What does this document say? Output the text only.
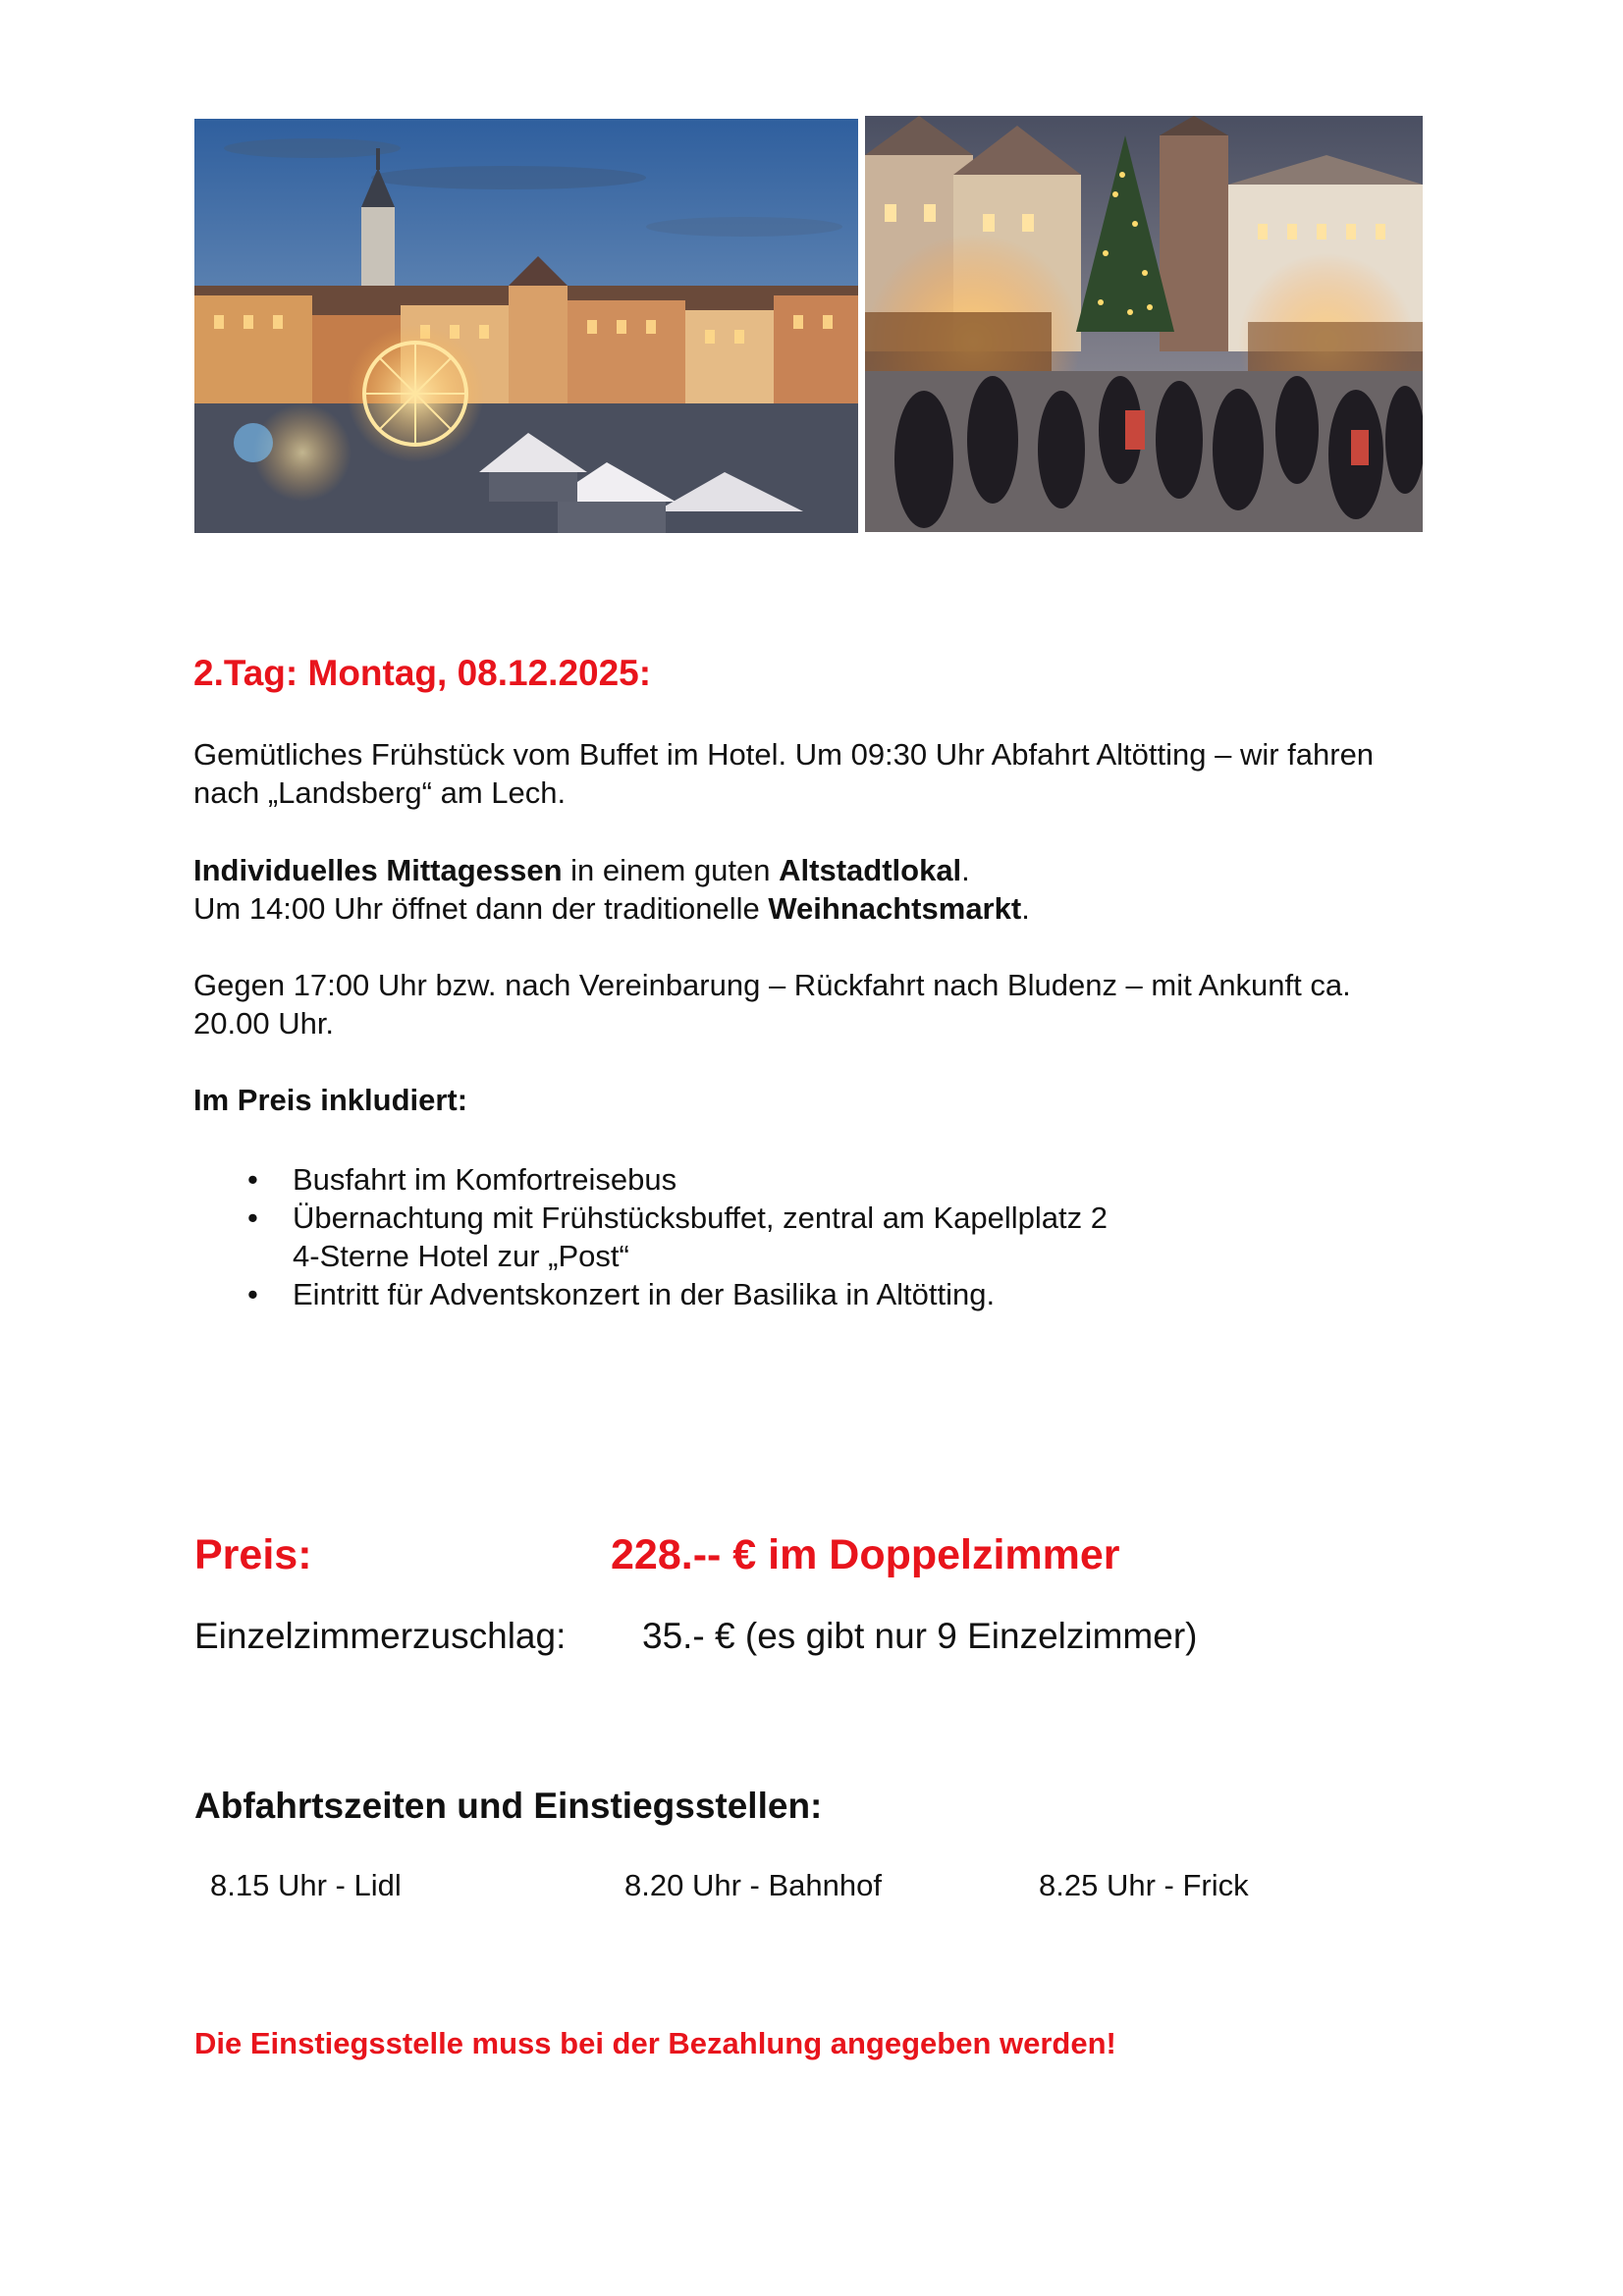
2.Tag: Montag, 08.12.2025:
Gemütliches Frühstück vom Buffet im Hotel. Um 09:30 Uhr Abfahrt Altötting – wir fahren nach „Landsberg“ am Lech.
Individuelles Mittagessen in einem guten Altstadtlokal.
Um 14:00 Uhr öffnet dann der traditionelle Weihnachtsmarkt.
Gegen 17:00 Uhr bzw. nach Vereinbarung – Rückfahrt nach Bludenz – mit Ankunft ca. 20.00 Uhr.
Im Preis inkludiert:
• Busfahrt im Komfortreisebus
• Übernachtung mit Frühstücksbuffet, zentral am Kapellplatz 2
4-Sterne Hotel zur „Post“
• Eintritt für Adventskonzert in der Basilika in Altötting.
Preis:	228.-- € im Doppelzimmer
Einzelzimmerzuschlag: 35.- € (es gibt nur 9 Einzelzimmer)
Abfahrtszeiten und Einstiegsstellen:
8.15 Uhr - Lidl	8.20 Uhr - Bahnhof	8.25 Uhr - Frick
Die Einstiegsstelle muss bei der Bezahlung angegeben werden!
